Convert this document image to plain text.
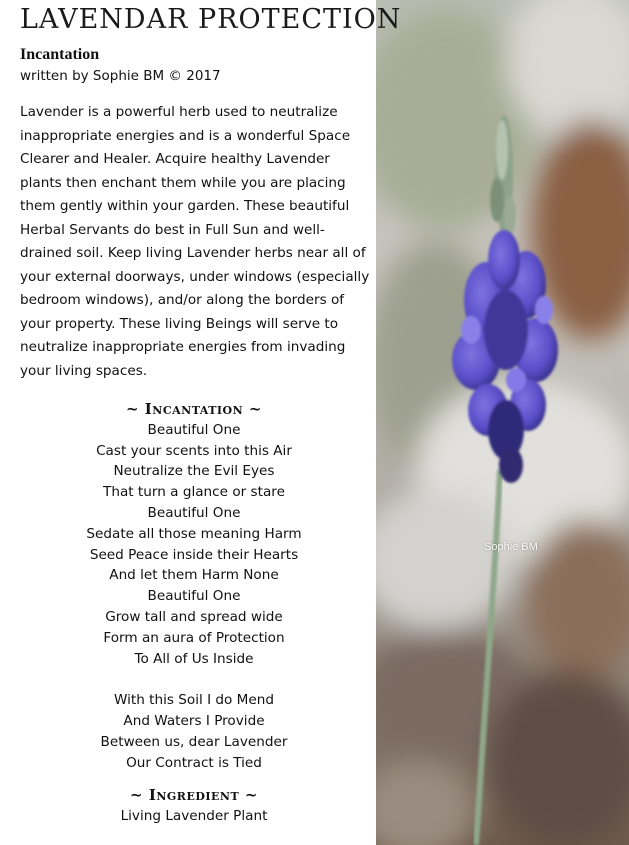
LAVENDAR PROTECTION

Incantation

written by Sophie BM © 2017

Lavender is a powerful herb used to neutralize inappropriate energies and is a wonderful Space Clearer and Healer. Acquire healthy Lavender plants then enchant them while you are placing them gently within your garden. These beautiful Herbal Servants do best in Full Sun and well-drained soil. Keep living Lavender herbs near all of your external doorways, under windows (especially bedroom windows), and/or along the borders of your property. These living Beings will serve to neutralize inappropriate energies from invading your living spaces.

~ Incantation ~
Beautiful One
Cast your scents into this Air
Neutralize the Evil Eyes
That turn a glance or stare
Beautiful One
Sedate all those meaning Harm
Seed Peace inside their Hearts
And let them Harm None
Beautiful One
Grow tall and spread wide
Form an aura of Protection
To All of Us Inside
With this Soil I do Mend
And Waters I Provide
Between us, dear Lavender
Our Contract is Tied
~ Ingredient ~
Living Lavender Plant
Sophie BM
